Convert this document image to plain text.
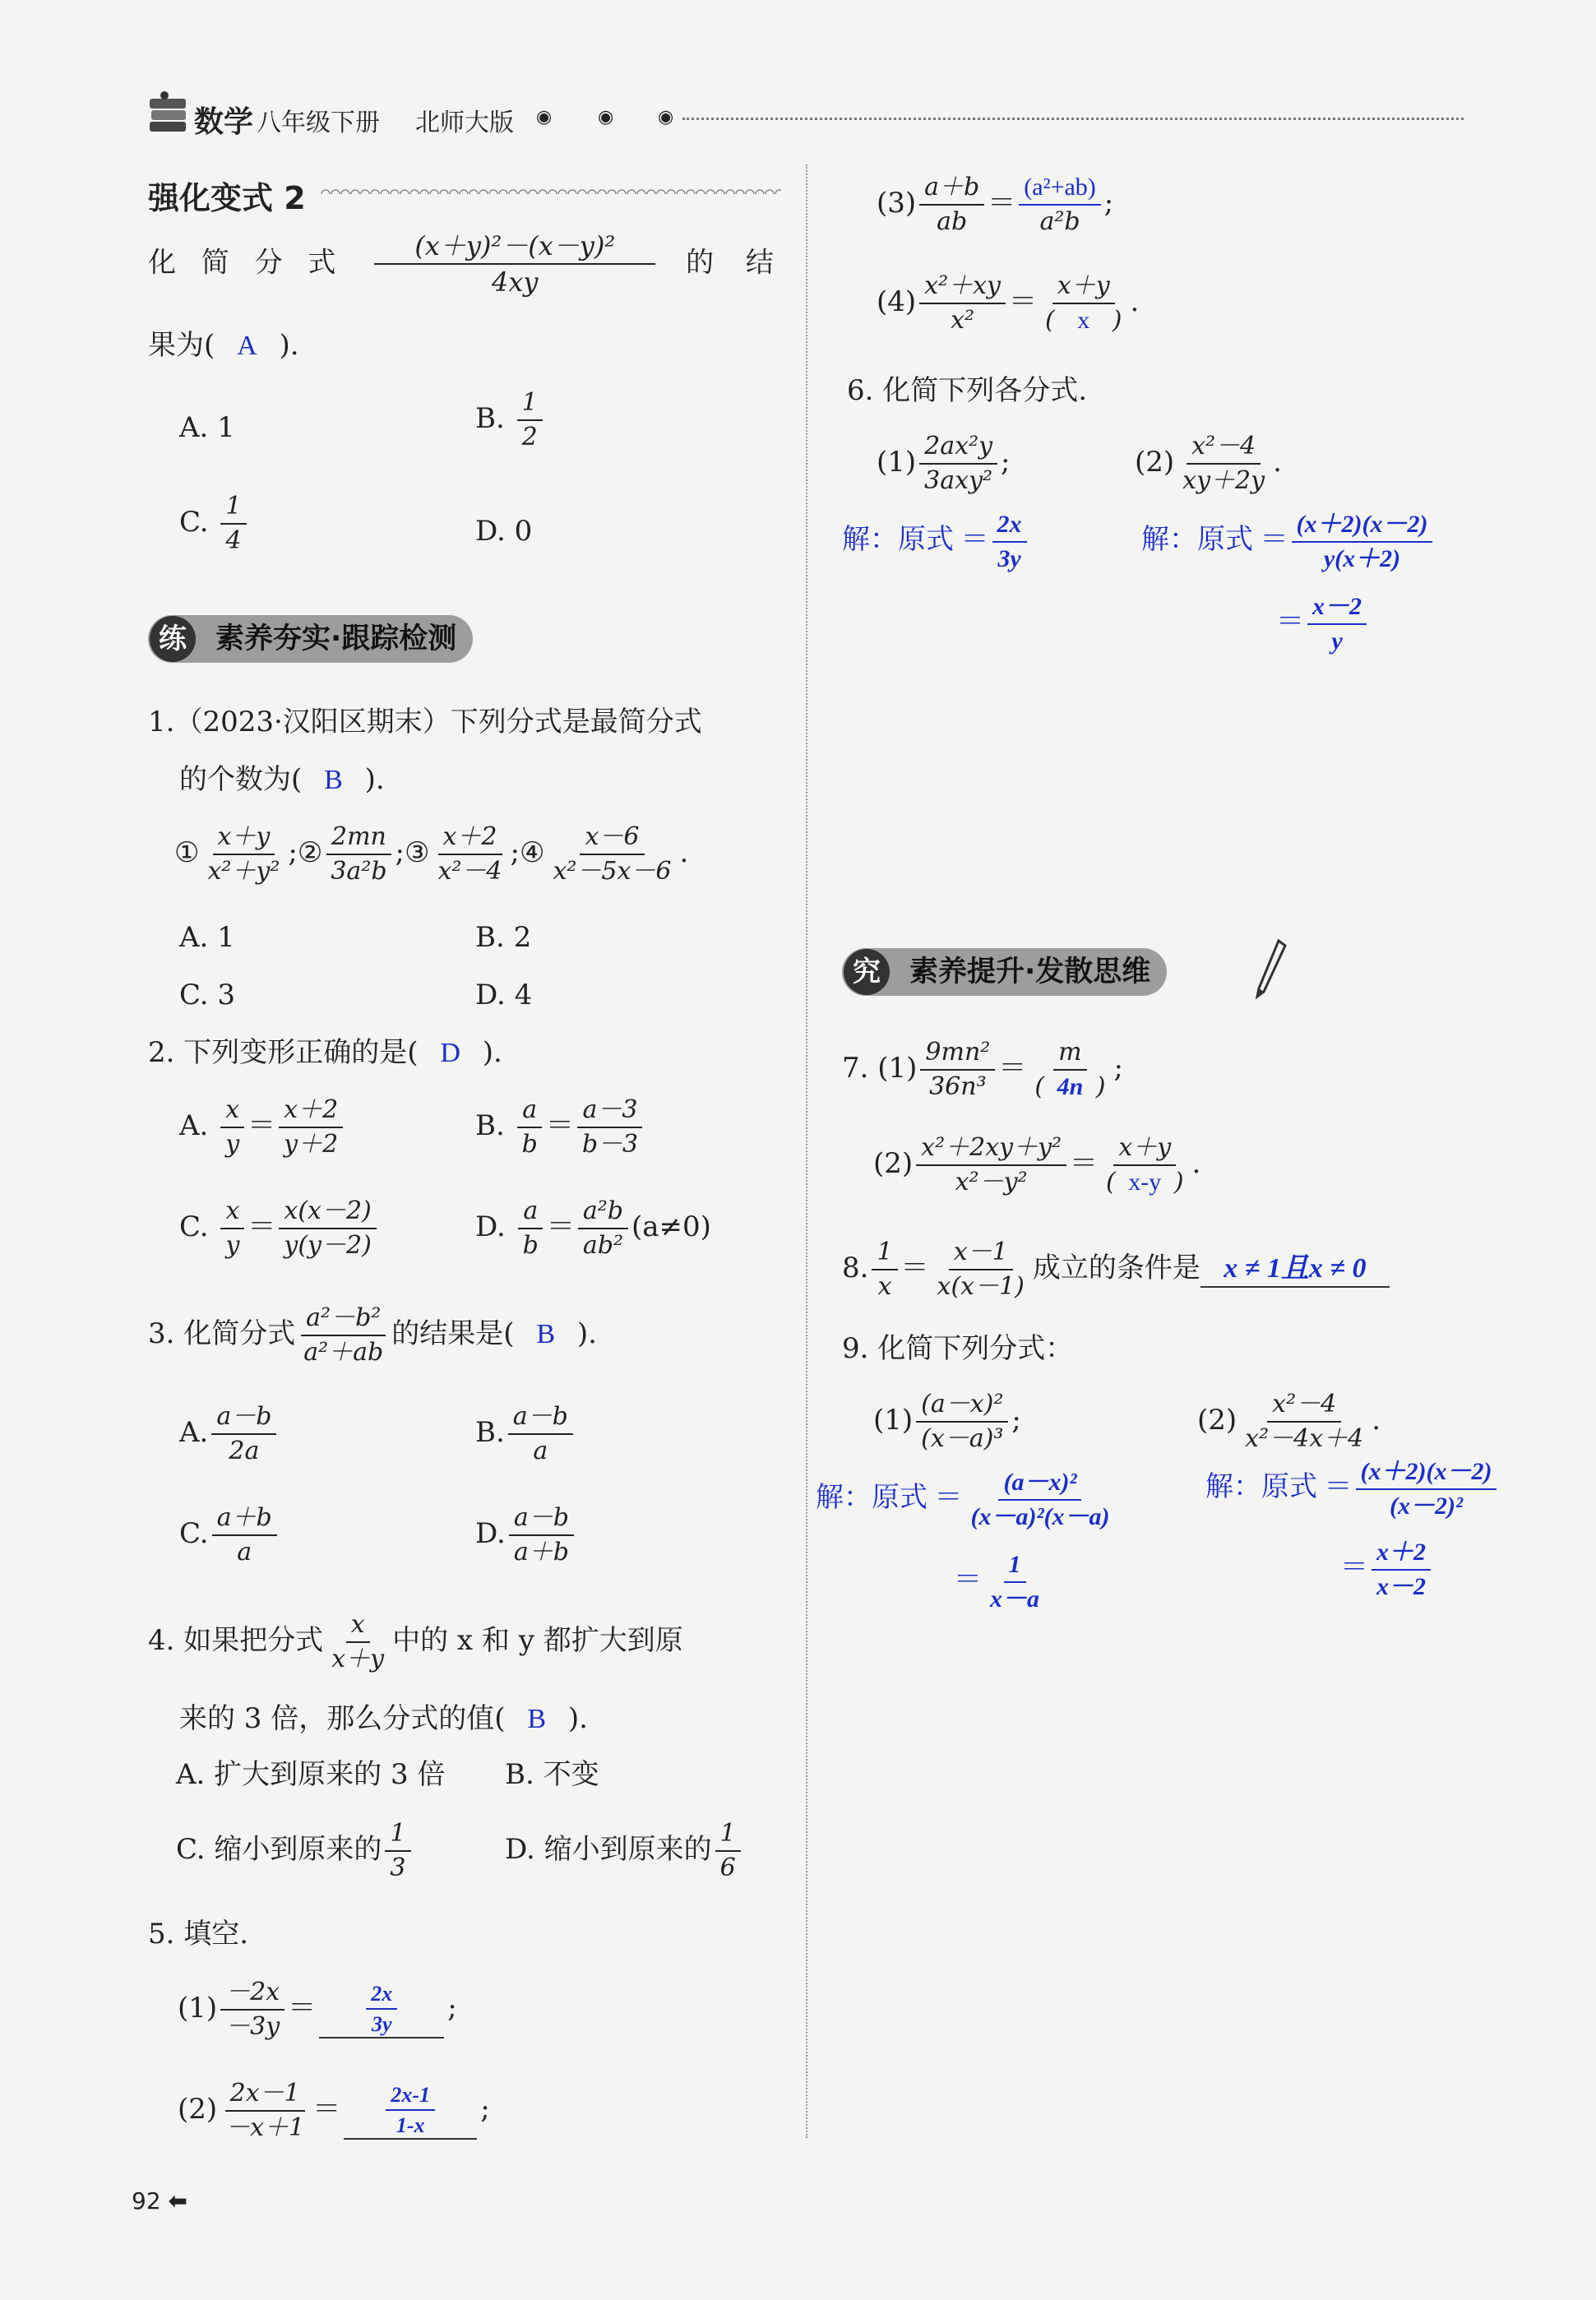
数学 八年级下册 北师大版 ◉	◉ ◉
强化变式 2
化 简 分 式 $\frac{\text{(x＋y)²－(x－y)²}}{4xy}$ 的 结
果为( A ).
A. 1	B. $\frac{1}{2}$
C. $\frac{1}{4}$	D. 0
素养夯实·跟踪检测
练
1.（2023·汉阳区期末）下列分式是最简分式
的个数为( B ).
① $\frac{x+y}{\text{x²＋y²}}$ ;② $\frac{2mn}{\text{3a²b}}$ ;③ $\frac{x+2}{\text{x²－4}}$ ;④ $\frac{x-6}{\text{x²－5x－6}}$ .
A. 1	B. 2
C. 3	D. 4
2. 下列变形正确的是( D ).
A. $\frac{x}{y} = \frac{x+2}{y+2}$	B. $\frac{a}{b} = \frac{a-3}{b-3}$
C. $\frac{x}{y} = \frac{x(x-2)}{y(y-2)}$	D. $\frac{a}{b} = \frac{\text{a²b}}{\text{ab²}} (a\ne 0)$
3. 化简分式 $\frac{\text{a²－b²}}{\text{a²＋ab}}$ 的结果是( B ).
A. $\frac{a-b}{2a}$	B. $\frac{a-b}{a}$
C. $\frac{a+b}{a}$	D. $\frac{a-b}{a+b}$
4. 如果把分式 $\frac{x}{x+y}$ 中的 x 和 y 都扩大到原
来的 3 倍，那么分式的值( B ).
A. 扩大到原来的 3 倍 B. 不变
C. 缩小到原来的 $\frac{1}{3}$	D. 缩小到原来的 $\frac{1}{6}$
5. 填空.
$(1) \frac{-2x}{-3y} = \frac{2x}{3y}$ ;
$(2) \frac{2x-1}{-x+1} = \frac{2x-1}{1-x}$ ;
$(3) \frac{a+b}{ab} = \frac{\text{(a²+ab)}}{\text{a²b}}$ ;
$(4) \frac{\text{x²＋xy}}{\text{x²}} = \frac{x+y}{( x )}$ .
6. 化简下列各分式.
$(1) \frac{\text{2ax²y}}{\text{3axy²}}$ ;	$(2) \frac{\text{x²－4}}{xy+2y}$ .
解：原式 ＝ $\frac{2x}{3y}$	解：原式 ＝ $\frac{(x+2)(x-2)}{y(x+2)}$
＝ $\frac{x-2}{y}$
素养提升·发散思维
究
7. $(1) \frac{\text{9mn²}}{\text{36n³}} = \frac{m}{( 4n )}$ ;
$(2) \frac{\text{x²＋2xy＋y²}}{\text{x²－y²}} = \frac{x+y}{( x-y )}$ .
8. $\frac{1}{x} = \frac{x-1}{x(x-1)}$ 成立的条件是 x ≠ 1且x ≠ 0
9. 化简下列分式：
$(1) \frac{\text{(a－x)²}}{\text{(x－a)³}}$ ;	$(2) \frac{\text{x²－4}}{\text{x²－4x＋4}}$ .
解：原式 ＝ $\frac{\text{(a－x)²}}{\text{(x－a)²(x－a)}}$
＝ $\frac{1}{x-a}$
解：原式 ＝ $\frac{(x+2)(x-2)}{\text{(x－2)²}}$
＝ $\frac{x+2}{x-2}$
92 ⬅
